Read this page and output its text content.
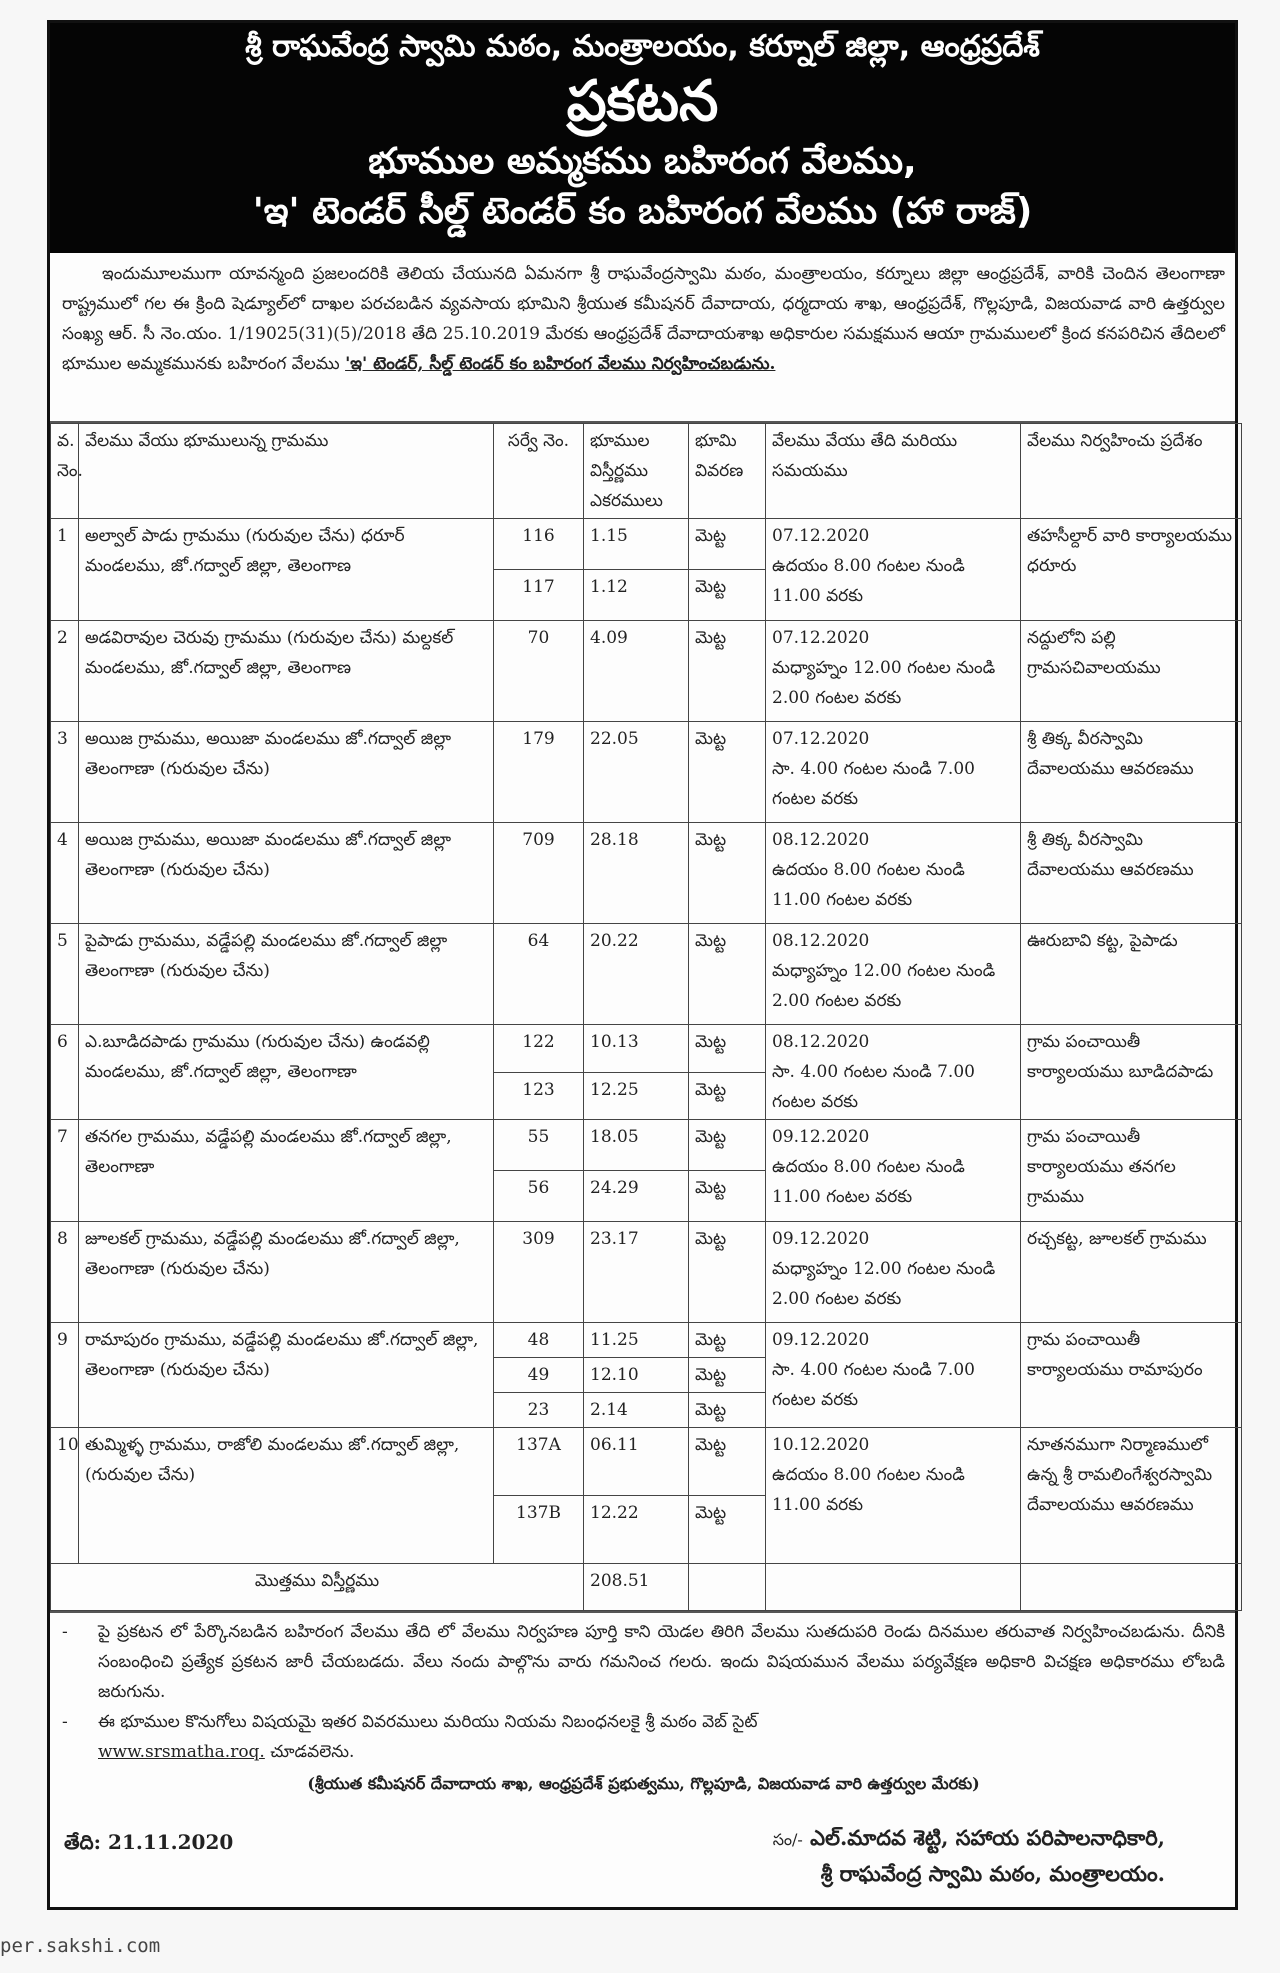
శ్రీ రాఘవేంద్ర స్వామి మఠం, మంత్రాలయం, కర్నూల్ జిల్లా, ఆంధ్రప్రదేశ్
ప్రకటన
భూముల అమ్మకము బహిరంగ వేలము,
'ఇ' టెండర్ సీల్డ్ టెండర్ కం బహిరంగ వేలము (హా రాజ్)
ఇందుమూలముగా యావన్మంది ప్రజలందరికి తెలియ చేయునది ఏమనగా శ్రీ రాఘవేంద్రస్వామి మఠం, మంత్రాలయం, కర్నూలు జిల్లా ఆంధ్రప్రదేశ్, వారికి చెందిన తెలంగాణా రాష్ట్రములో గల ఈ క్రింది షెడ్యూల్‌లో దాఖల పరచబడిన వ్యవసాయ భూమిని శ్రీయుత కమీషనర్ దేవాదాయ, ధర్మదాయ శాఖ, ఆంధ్రప్రదేశ్, గొల్లపూడి, విజయవాడ వారి ఉత్తర్వుల సంఖ్య ఆర్. సీ నెం.యం. 1/19025(31)(5)/2018 తేది 25.10.2019 మేరకు ఆంధ్రప్రదేశ్ దేవాదాయశాఖ అధికారుల సమక్షమున ఆయా గ్రామములలో క్రింద కనపరిచిన తేదిలలో భూముల అమ్మకమునకు బహిరంగ వేలము 'ఇ' టెండర్, సీల్డ్ టెండర్ కం బహిరంగ వేలము నిర్వహించబడును.
వ. నెం.	వేలము వేయు భూములున్న గ్రామము	సర్వే నెం.	భూముల విస్తీర్ణము ఎకరములు	భూమి వివరణ	వేలము వేయు తేది మరియు సమయము	వేలము నిర్వహించు ప్రదేశం
1	అల్వాల్ పాడు గ్రామము (గురువుల చేను) ధరూర్ మండలము, జో.గద్వాల్ జిల్లా, తెలంగాణ	116	1.15	మెట్ట	07.12.2020
ఉదయం 8.00 గంటల నుండి 11.00 వరకు	తహసీల్దార్ వారి కార్యాలయము ధరూరు
		117	1.12	మెట్ట		
2	అడవిరావుల చెరువు గ్రామము (గురువుల చేను) మల్దకల్ మండలము, జో.గద్వాల్ జిల్లా, తెలంగాణ	70	4.09	మెట్ట	07.12.2020
మధ్యాహ్నం 12.00 గంటల నుండి 2.00 గంటల వరకు	నద్దులోని పల్లి గ్రామసచివాలయము
3	అయిజ గ్రామము, అయిజా మండలము జో.గద్వాల్ జిల్లా తెలంగాణా (గురువుల చేను)	179	22.05	మెట్ట	07.12.2020
సా. 4.00 గంటల నుండి 7.00 గంటల వరకు	శ్రీ తిక్క వీరస్వామి దేవాలయము ఆవరణము
4	అయిజ గ్రామము, అయిజా మండలము జో.గద్వాల్ జిల్లా తెలంగాణా (గురువుల చేను)	709	28.18	మెట్ట	08.12.2020
ఉదయం 8.00 గంటల నుండి 11.00 గంటల వరకు	శ్రీ తిక్క వీరస్వామి దేవాలయము ఆవరణము
5	పైపాడు గ్రామము, వడ్డేపల్లి మండలము జో.గద్వాల్ జిల్లా తెలంగాణా (గురువుల చేను)	64	20.22	మెట్ట	08.12.2020
మధ్యాహ్నం 12.00 గంటల నుండి 2.00 గంటల వరకు	ఊరుబావి కట్ట, పైపాడు
6	ఎ.బూడిదపాడు గ్రామము (గురువుల చేను) ఉండవల్లి మండలము, జో.గద్వాల్ జిల్లా, తెలంగాణా	122	10.13	మెట్ట	08.12.2020
సా. 4.00 గంటల నుండి 7.00 గంటల వరకు	గ్రామ పంచాయితీ కార్యాలయము బూడిదపాడు
		123	12.25	మెట్ట		
7	తనగల గ్రామము, వడ్డేపల్లి మండలము జో.గద్వాల్ జిల్లా, తెలంగాణా	55	18.05	మెట్ట	09.12.2020
ఉదయం 8.00 గంటల నుండి 11.00 గంటల వరకు	గ్రామ పంచాయితీ కార్యాలయము తనగల గ్రామము
		56	24.29	మెట్ట		
8	జూలకల్ గ్రామము, వడ్డేపల్లి మండలము జో.గద్వాల్ జిల్లా, తెలంగాణా (గురువుల చేను)	309	23.17	మెట్ట	09.12.2020
మధ్యాహ్నం 12.00 గంటల నుండి 2.00 గంటల వరకు	రచ్చకట్ట, జూలకల్ గ్రామము
9	రామాపురం గ్రామము, వడ్డేపల్లి మండలము జో.గద్వాల్ జిల్లా, తెలంగాణా (గురువుల చేను)	48	11.25	మెట్ట	09.12.2020
సా. 4.00 గంటల నుండి 7.00 గంటల వరకు	గ్రామ పంచాయితీ కార్యాలయము రామాపురం
		49	12.10	మెట్ట		
		23	2.14	మెట్ట		
10	తుమ్మిళ్ళ గ్రామము, రాజోలి మండలము జో.గద్వాల్ జిల్లా, (గురువుల చేను)	137A	06.11	మెట్ట	10.12.2020
ఉదయం 8.00 గంటల నుండి 11.00 వరకు	నూతనముగా నిర్మాణములో ఉన్న శ్రీ రామలింగేశ్వరస్వామి దేవాలయము ఆవరణము
		137B	12.22	మెట్ట		
మొత్తము విస్తీర్ణము			208.51			
-	పై ప్రకటన లో పేర్కొనబడిన బహిరంగ వేలము తేది లో వేలము నిర్వహణ పూర్తి కాని యెడల తిరిగి వేలము సుతదుపరి రెండు దినముల తరువాత నిర్వహించబడును. దీనికి సంబంధించి ప్రత్యేక ప్రకటన జారీ చేయబడదు. వేలు నందు పాల్గొను వారు గమనించ గలరు. ఇందు విషయమున వేలము పర్యవేక్షణ అధికారి విచక్షణ అధికారము లోబడి జరుగును.
-	ఈ భూముల కొనుగోలు విషయమై ఇతర వివరములు మరియు నియమ నిబంధనలకై శ్రీ మఠం వెబ్ సైట్
www.srsmatha.roq. చూడవలెను.
(శ్రీయుత కమీషనర్ దేవాదాయ శాఖ, ఆంధ్రప్రదేశ్ ప్రభుత్వము, గొల్లపూడి, విజయవాడ వారి ఉత్తర్వుల మేరకు)
తేది: 21.11.2020	సం/- ఎల్.మాదవ శెట్టి, సహాయ పరిపాలనాధికారి,
శ్రీ రాఘవేంద్ర స్వామి మఠం, మంత్రాలయం.
per.sakshi.com
